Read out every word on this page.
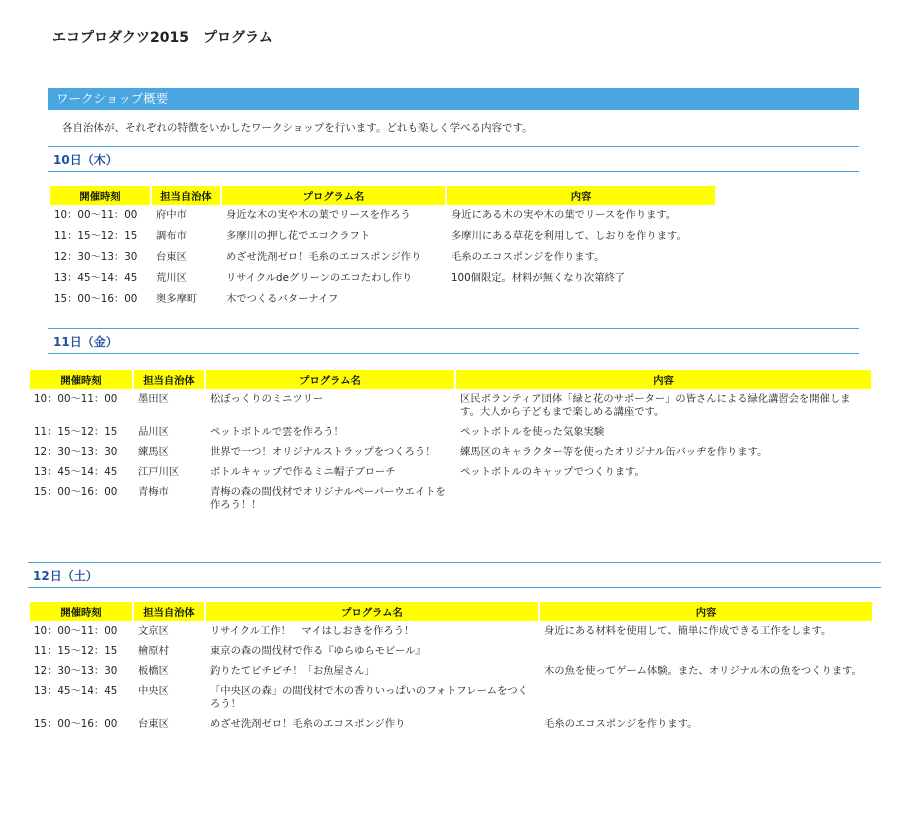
エコプロダクツ2015　プログラム
ワークショップ概要
各自治体が、それぞれの特徴をいかしたワークショップを行います。どれも楽しく学べる内容です。
10日（木）
開催時刻	担当自治体	プログラム名	内容
10：00～11：00	府中市	身近な木の実や木の葉でリースを作ろう	身近にある木の実や木の葉でリースを作ります。
11：15～12：15	調布市	多摩川の押し花でエコクラフト	多摩川にある草花を利用して、しおりを作ります。
12：30～13：30	台東区	めざせ洗剤ゼロ！毛糸のエコスポンジ作り	毛糸のエコスポンジを作ります。
13：45～14：45	荒川区	リサイクルdeグリーンのエコたわし作り	100個限定。材料が無くなり次第終了
15：00～16：00	奥多摩町	木でつくるバターナイフ	
11日（金）
開催時刻	担当自治体	プログラム名	内容
10：00～11：00	墨田区	松ぼっくりのミニツリー	区民ボランティア団体「緑と花のサポーター」の皆さんによる緑化講習会を開催します。大人から子どもまで楽しめる講座です。
11：15～12：15	品川区	ペットボトルで雲を作ろう！	ペットボトルを使った気象実験
12：30～13：30	練馬区	世界で一つ！オリジナルストラップをつくろう！	練馬区のキャラクター等を使ったオリジナル缶バッヂを作ります。
13：45～14：45	江戸川区	ボトルキャップで作るミニ帽子ブローチ	ペットボトルのキャップでつくります。
15：00～16：00	青梅市	青梅の森の間伐材でオリジナルペーパーウエイトを作ろう！！	
12日（土）
開催時刻	担当自治体	プログラム名	内容
10：00～11：00	文京区	リサイクル工作！　マイはしおきを作ろう！	身近にある材料を使用して、簡単に作成できる工作をします。
11：15～12：15	檜原村	東京の森の間伐材で作る『ゆらゆらモビール』	
12：30～13：30	板橋区	釣りたてピチピチ！「お魚屋さん」	木の魚を使ってゲーム体験。また、オリジナル木の魚をつくります。
13：45～14：45	中央区	「中央区の森」の間伐材で木の香りいっぱいのフォトフレームをつくろう！	
15：00～16：00	台東区	めざせ洗剤ゼロ！毛糸のエコスポンジ作り	毛糸のエコスポンジを作ります。
